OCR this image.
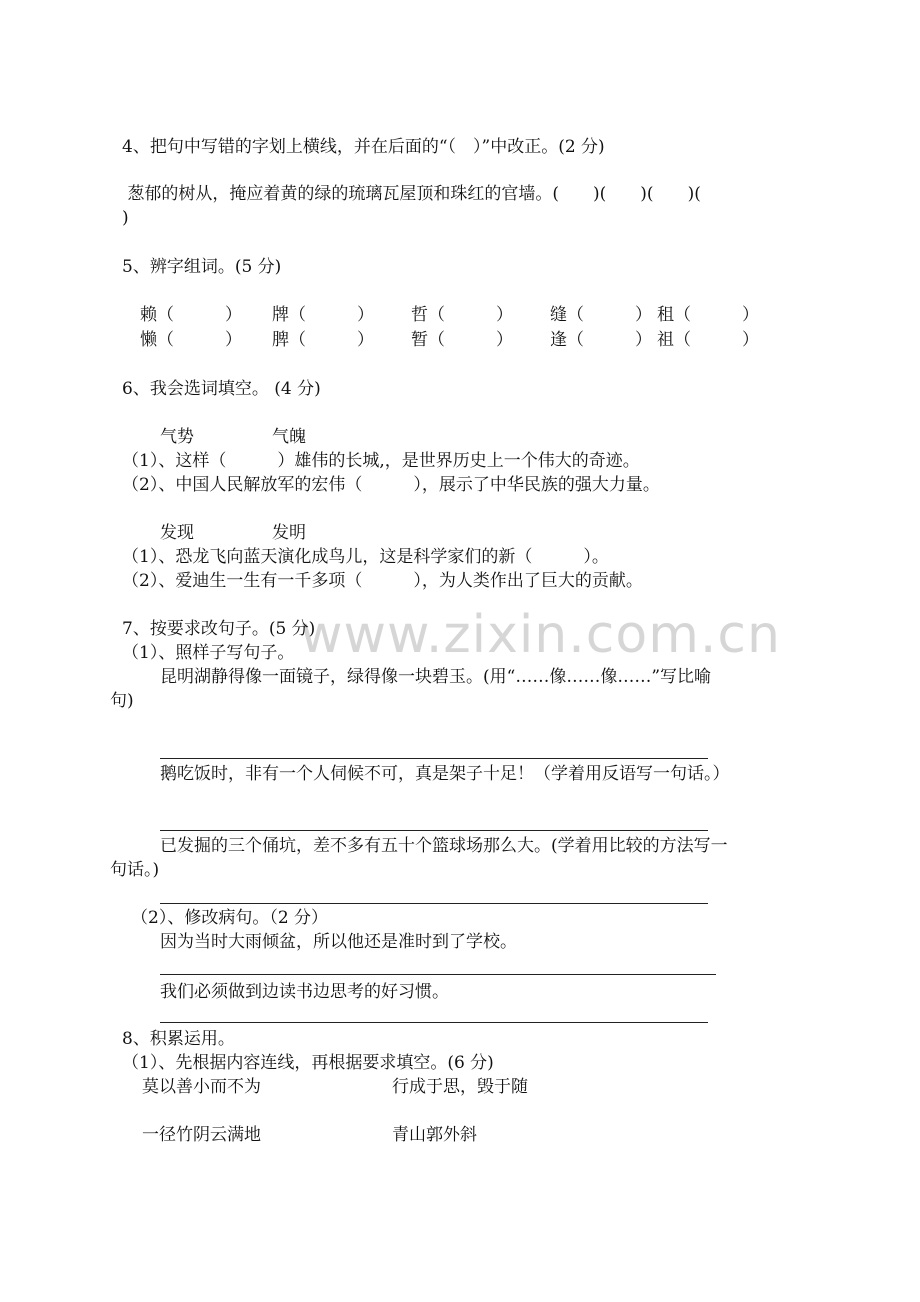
www.zixin.com.cn
4、把句中写错的字划上横线，并在后面的“（　）”中改正。(2 分)
葱郁的树从，掩应着黄的绿的琉璃瓦屋顶和珠红的官墙。(　　)(　　)(　　)(
)
5、辨字组词。(5 分)
赖（　　　） 牌（　　　） 哲（　　　） 缝（　　　） 租（　　　）
懒（　　　） 脾（　　　） 暂（　　　） 逢（　　　） 祖（　　　）
6、我会选词填空。 (4 分)
气势	气魄
（1）、这样（　　　）雄伟的长城,，是世界历史上一个伟大的奇迹。
（2）、中国人民解放军的宏伟（　　　），展示了中华民族的强大力量。
发现	发明
（1）、恐龙飞向蓝天演化成鸟儿，这是科学家们的新（　　　）。
（2）、爱迪生一生有一千多项（　　　），为人类作出了巨大的贡献。
7、按要求改句子。(5 分)
（1）、照样子写句子。
昆明湖静得像一面镜子，绿得像一块碧玉。(用“……像……像……”写比喻
句)
鹅吃饭时，非有一个人伺候不可，真是架子十足！（学着用反语写一句话。）
已发掘的三个俑坑，差不多有五十个篮球场那么大。(学着用比较的方法写一
句话。)
（2）、修改病句。（2 分）
因为当时大雨倾盆，所以他还是准时到了学校。
我们必须做到边读书边思考的好习惯。
8、积累运用。
（1）、先根据内容连线，再根据要求填空。(6 分)
莫以善小而不为	行成于思，毁于随
一径竹阴云满地	青山郭外斜
